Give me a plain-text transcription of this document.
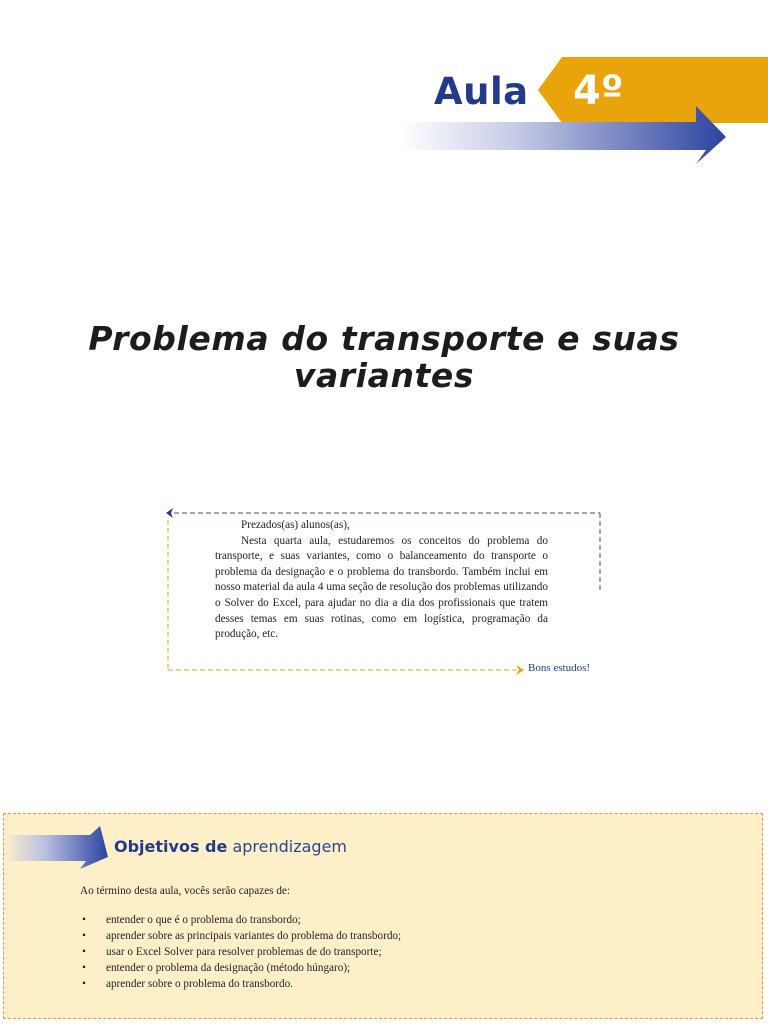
Aula 4º
Problema do transporte e suas
variantes

Prezados(as) alunos(as),

Nesta quarta aula, estudaremos os conceitos do problema do transporte, e suas variantes, como o balanceamento do transporte o problema da designação e o problema do transbordo. Também inclui em nosso material da aula 4 uma seção de resolução dos problemas utilizando o Solver do Excel, para ajudar no dia a dia dos profissionais que tratem desses temas em suas rotinas, como em logística, programação da produção, etc.

Bons estudos!
Objetivos de aprendizagem
Ao término desta aula, vocês serão capazes de:
• entender o que é o problema do transbordo;
• aprender sobre as principais variantes do problema do transbordo;
• usar o Excel Solver para resolver problemas de do transporte;
• entender o problema da designação (método húngaro);
• aprender sobre o problema do transbordo.
